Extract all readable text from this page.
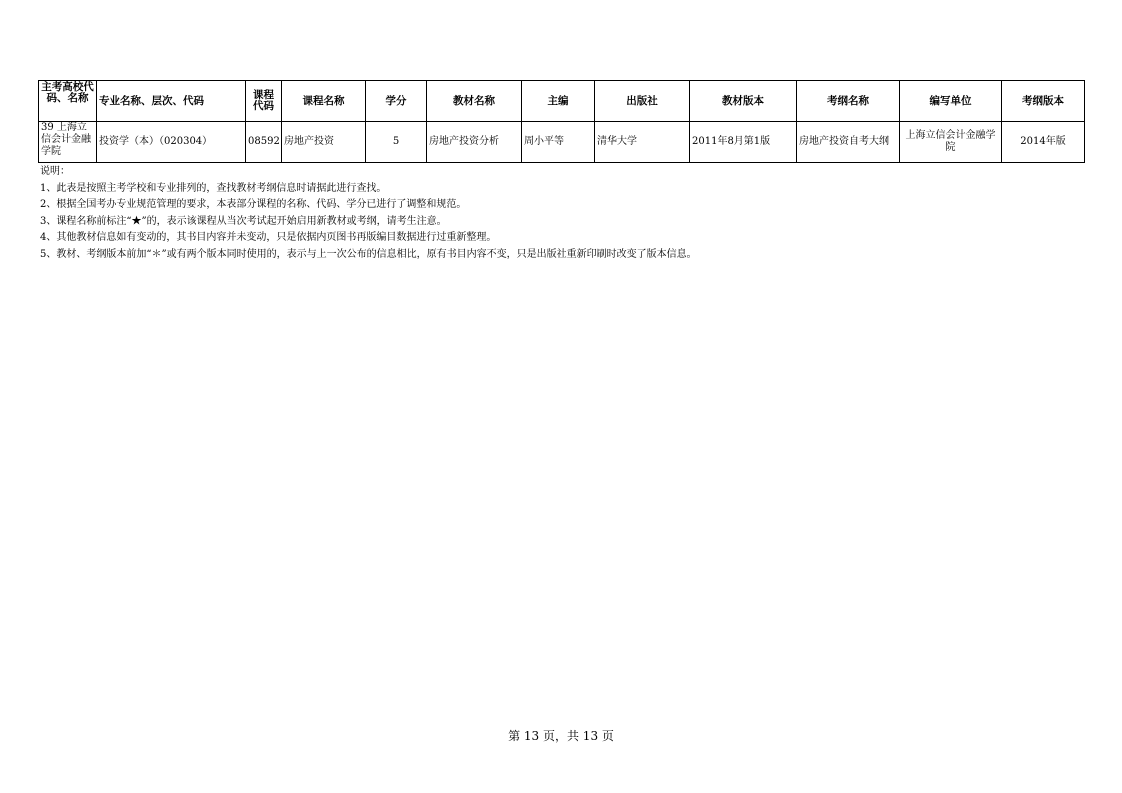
主考高校代码、名称	专业名称、层次、代码	课程代码	课程名称	学分	教材名称	主编	出版社	教材版本	考纲名称	编写单位	考纲版本
39 上海立信会计金融学院	投资学（本）（020304）	08592	房地产投资	5	房地产投资分析	周小平等	清华大学	2011年8月第1版	房地产投资自考大纲	上海立信会计金融学院	2014年版
说明：
1、此表是按照主考学校和专业排列的，查找教材考纲信息时请据此进行查找。
2、根据全国考办专业规范管理的要求，本表部分课程的名称、代码、学分已进行了调整和规范。
3、课程名称前标注“★”的，表示该课程从当次考试起开始启用新教材或考纲，请考生注意。
4、其他教材信息如有变动的，其书目内容并未变动，只是依据内页图书再版编目数据进行过重新整理。
5、教材、考纲版本前加“＊”或有两个版本同时使用的，表示与上一次公布的信息相比，原有书目内容不变，只是出版社重新印刷时改变了版本信息。
第 13 页，共 13 页
